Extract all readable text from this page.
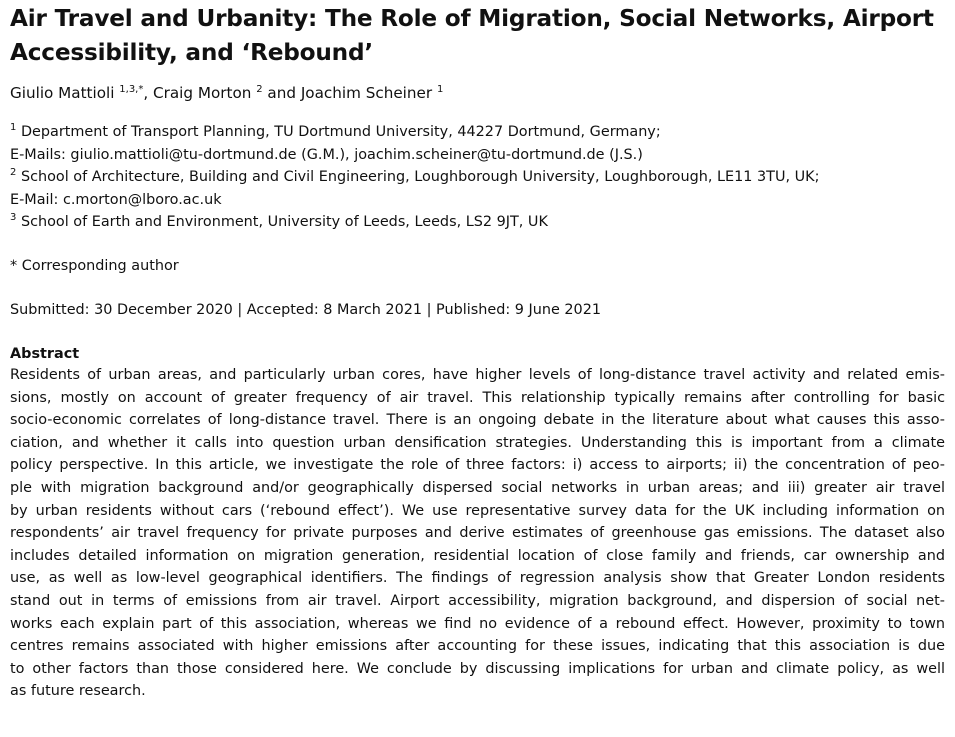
Air Travel and Urbanity: The Role of Migration, Social Networks, Airport
Accessibility, and ‘Rebound’
Giulio Mattioli $^{1,3,*}$, Craig Morton $^2$ and Joachim Scheiner $^1$
$^1$ Department of Transport Planning, TU Dortmund University, 44227 Dortmund, Germany;
E-Mails: giulio.mattioli@tu-dortmund.de (G.M.), joachim.scheiner@tu-dortmund.de (J.S.)
$^2$ School of Architecture, Building and Civil Engineering, Loughborough University, Loughborough, LE11 3TU, UK;
E-Mail: c.morton@lboro.ac.uk
$^3$ School of Earth and Environment, University of Leeds, Leeds, LS2 9JT, UK
* Corresponding author
Submitted: 30 December 2020 | Accepted: 8 March 2021 | Published: 9 June 2021
Abstract
Residents of urban areas, and particularly urban cores, have higher levels of long-distance travel activity and related emis-
sions, mostly on account of greater frequency of air travel. This relationship typically remains after controlling for basic
socio-economic correlates of long-distance travel. There is an ongoing debate in the literature about what causes this asso-
ciation, and whether it calls into question urban densification strategies. Understanding this is important from a climate
policy perspective. In this article, we investigate the role of three factors: i) access to airports; ii) the concentration of peo-
ple with migration background and/or geographically dispersed social networks in urban areas; and iii) greater air travel
by urban residents without cars (‘rebound effect’). We use representative survey data for the UK including information on
respondents’ air travel frequency for private purposes and derive estimates of greenhouse gas emissions. The dataset also
includes detailed information on migration generation, residential location of close family and friends, car ownership and
use, as well as low-level geographical identifiers. The findings of regression analysis show that Greater London residents
stand out in terms of emissions from air travel. Airport accessibility, migration background, and dispersion of social net-
works each explain part of this association, whereas we find no evidence of a rebound effect. However, proximity to town
centres remains associated with higher emissions after accounting for these issues, indicating that this association is due
to other factors than those considered here. We conclude by discussing implications for urban and climate policy, as well
as future research.
